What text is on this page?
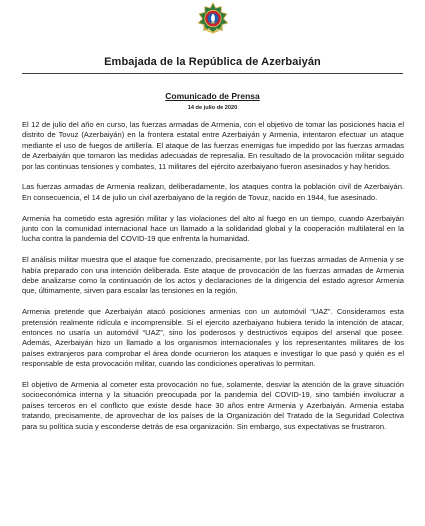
Embajada de la República de Azerbaiyán
Comunicado de Prensa
14 de julio de 2020

El 12 de julio del año en curso, las fuerzas armadas de Armenia, con el objetivo de tomar las posiciones hacia el distrito de Tovuz (Azerbaiyán) en la frontera estatal entre Azerbaiyán y Armenia, intentaron efectuar un ataque mediante el uso de fuegos de artillería. El ataque de las fuerzas enemigas fue impedido por las fuerzas armadas de Azerbaiyán que tomaron las medidas adecuadas de represalia. En resultado de la provocación militar seguido por las continuas tensiones y combates, 11 militares del ejército azerbaiyano fueron asesinados y hay heridos.

Las fuerzas armadas de Armenia realizan, deliberadamente, los ataques contra la población civil de Azerbaiyán. En consecuencia, el 14 de julio un civil azerbaiyano de la región de Tovuz, nacido en 1944, fue asesinado.

Armenia ha cometido esta agresión militar y las violaciones del alto al fuego en un tiempo, cuando Azerbaiyán junto con la comunidad internacional hace un llamado a la solidaridad global y la cooperación multilateral en la lucha contra la pandemia del COVID-19 que enfrenta la humanidad.

El análisis militar muestra que el ataque fue comenzado, precisamente, por las fuerzas armadas de Armenia y se había preparado con una intención deliberada. Este ataque de provocación de las fuerzas armadas de Armenia debe analizarse como la continuación de los actos y declaraciones de la dirigencia del estado agresor Armenia que, últimamente, sirven para escalar las tensiones en la región.

Armenia pretende que Azerbaiyán atacó posiciones armenias con un automóvil “UAZ”. Consideramos esta pretensión realmente ridícula e incomprensible. Si el ejercito azerbaiyano hubiera tenido la intención de atacar, entonces no usaría un automóvil “UAZ”, sino los poderosos y destructivos equipos del arsenal que posee. Además, Azerbaiyán hizo un llamado a los organismos internacionales y los representantes militares de los países extranjeros para comprobar el área donde ocurrieron los ataques e investigar lo que pasó y quién es el responsable de esta provocación militar, cuando las condiciones operativas lo permitan.

El objetivo de Armenia al cometer esta provocación no fue, solamente, desviar la atención de la grave situación socioeconómica interna y la situación preocupada por la pandemia del COVID-19, sino también involucrar a países terceros en el conflicto que existe desde hace 30 años entre Armenia y Azerbaiyán. Armenia estaba tratando, precisamente, de aprovechar de los países de la Organización del Tratado de la Seguridad Colectiva para su política sucia y esconderse detrás de esa organización. Sin embargo, sus expectativas se frustraron.
